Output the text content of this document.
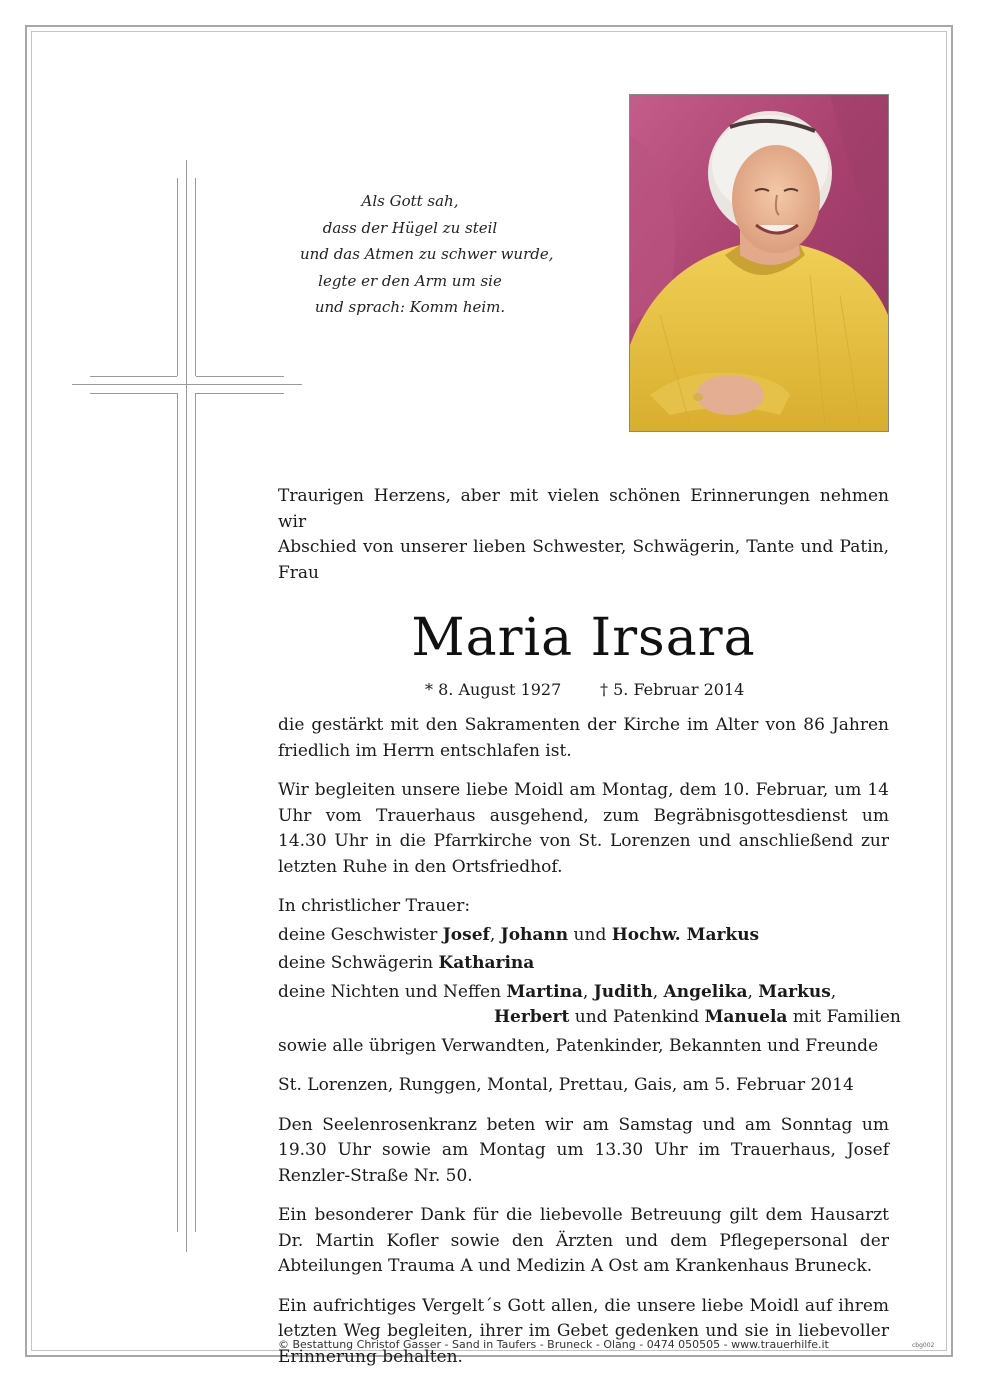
Als Gott sah,
dass der Hügel zu steil
und das Atmen zu schwer wurde,
legte er den Arm um sie
und sprach: Komm heim.
Traurigen Herzens, aber mit vielen schönen Erinnerungen nehmen wir
Abschied von unserer lieben Schwester, Schwägerin, Tante und Patin, Frau
Maria Irsara
* 8. August 1927 † 5. Februar 2014

die gestärkt mit den Sakramenten der Kirche im Alter von 86 Jahren friedlich im Herrn entschlafen ist.

Wir begleiten unsere liebe Moidl am Montag, dem 10. Februar, um 14 Uhr vom Trauerhaus ausgehend, zum Begräbnisgottesdienst um 14.30 Uhr in die Pfarrkirche von St. Lorenzen und anschließend zur letzten Ruhe in den Ortsfriedhof.

In christlicher Trauer:
deine Geschwister Josef, Johann und Hochw. Markus
deine Schwägerin Katharina
deine Nichten und Neffen Martina, Judith, Angelika, Markus,
Herbert und Patenkind Manuela mit Familien
sowie alle übrigen Verwandten, Patenkinder, Bekannten und Freunde

St. Lorenzen, Runggen, Montal, Prettau, Gais, am 5. Februar 2014

Den Seelenrosenkranz beten wir am Samstag und am Sonntag um 19.30 Uhr sowie am Montag um 13.30 Uhr im Trauerhaus, Josef Renzler-Straße Nr. 50.

Ein besonderer Dank für die liebevolle Betreuung gilt dem Hausarzt Dr. Martin Kofler sowie den Ärzten und dem Pflegepersonal der Abteilungen Trauma A und Medizin A Ost am Krankenhaus Bruneck.

Ein aufrichtiges Vergelt´s Gott allen, die unsere liebe Moidl auf ihrem letzten Weg begleiten, ihrer im Gebet gedenken und sie in liebevoller Erinnerung behalten.

© Bestattung Christof Gasser - Sand in Taufers - Bruneck - Olang - 0474 050505 - www.trauerhilfe.it	cbg002
